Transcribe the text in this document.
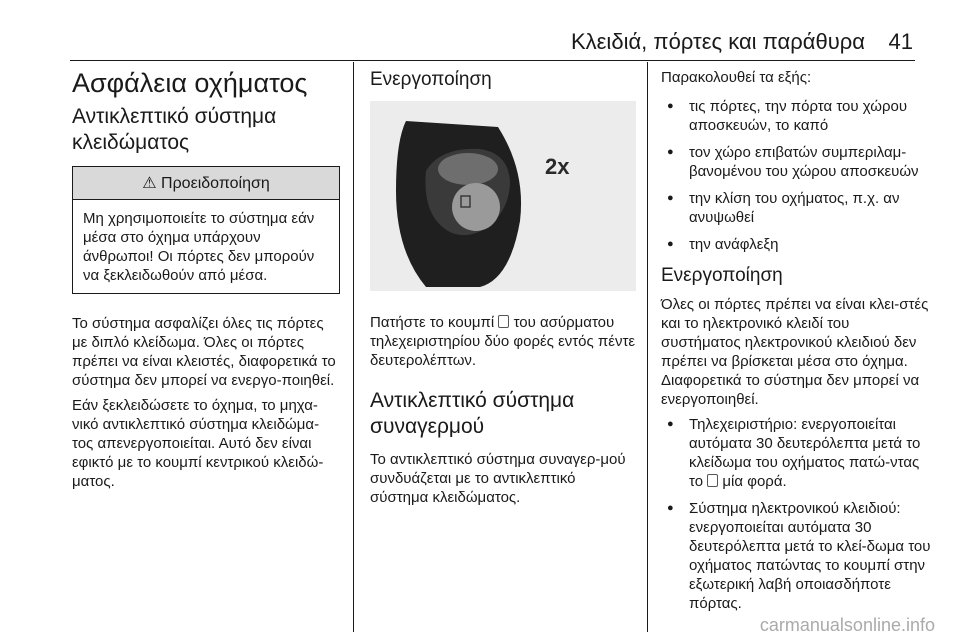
Κλειδιά, πόρτες και παράθυρα 41
Ασφάλεια οχήματος
Αντικλεπτικό σύστημα κλειδώματος
⚠ Προειδοποίηση
Μη χρησιμοποιείτε το σύστημα εάν μέσα στο όχημα υπάρχουν άνθρωποι! Οι πόρτες δεν μπορούν να ξεκλειδωθούν από μέσα.

Το σύστημα ασφαλίζει όλες τις πόρτες με διπλό κλείδωμα. Όλες οι πόρτες πρέπει να είναι κλειστές, διαφορετικά το σύστημα δεν μπορεί να ενεργο-ποιηθεί.

Εάν ξεκλειδώσετε το όχημα, το μηχα-νικό αντικλεπτικό σύστημα κλειδώμα-τος απενεργοποιείται. Αυτό δεν είναι εφικτό με το κουμπί κεντρικού κλειδώ-ματος.

Ενεργοποίηση
2x

Πατήστε το κουμπί του ασύρματου τηλεχειριστηρίου δύο φορές εντός πέντε δευτερολέπτων.

Αντικλεπτικό σύστημα συναγερμού

Το αντικλεπτικό σύστημα συναγερ-μού συνδυάζεται με το αντικλεπτικό σύστημα κλειδώματος.

Παρακολουθεί τα εξής:

● τις πόρτες, την πόρτα του χώρου αποσκευών, το καπό
● τον χώρο επιβατών συμπεριλαμ-βανομένου του χώρου αποσκευών
● την κλίση του οχήματος, π.χ. αν ανυψωθεί
● την ανάφλεξη
Ενεργοποίηση

Όλες οι πόρτες πρέπει να είναι κλει-στές και το ηλεκτρονικό κλειδί του συστήματος ηλεκτρονικού κλειδιού δεν πρέπει να βρίσκεται μέσα στο όχημα. Διαφορετικά το σύστημα δεν μπορεί να ενεργοποιηθεί.

● Τηλεχειριστήριο: ενεργοποιείται αυτόματα 30 δευτερόλεπτα μετά το κλείδωμα του οχήματος πατώ-ντας το μία φορά.
● Σύστημα ηλεκτρονικού κλειδιού: ενεργοποιείται αυτόματα 30 δευτερόλεπτα μετά το κλεί-δωμα του οχήματος πατώντας το κουμπί στην εξωτερική λαβή οποιασδήποτε πόρτας.
carmanualsonline.info
